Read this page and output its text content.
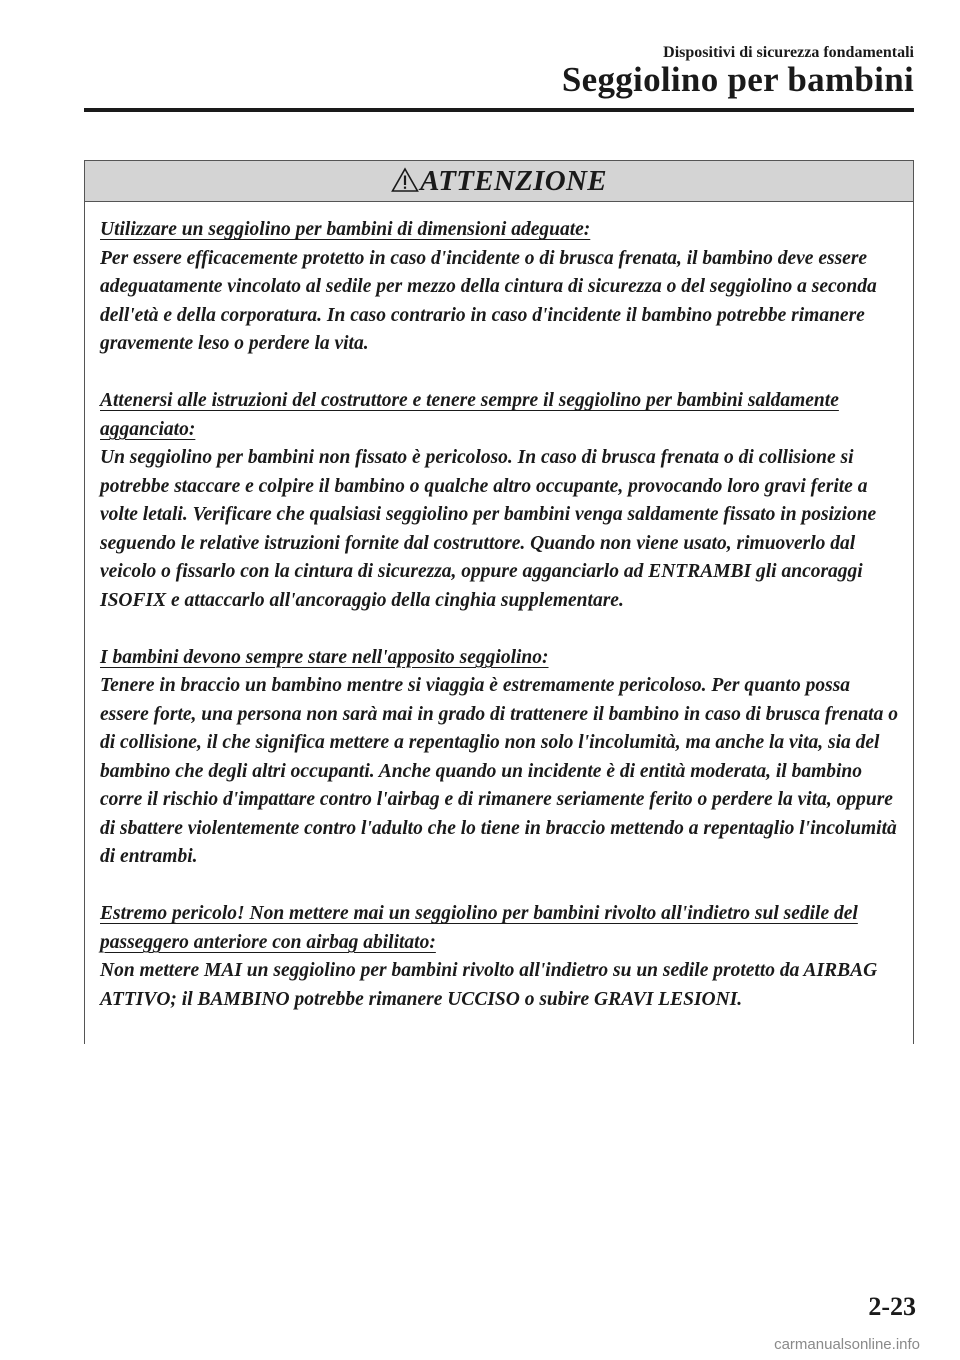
Dispositivi di sicurezza fondamentali
Seggiolino per bambini
ATTENZIONE

Utilizzare un seggiolino per bambini di dimensioni adeguate:
Per essere efficacemente protetto in caso d'incidente o di brusca frenata, il bambino deve essere adeguatamente vincolato al sedile per mezzo della cintura di sicurezza o del seggiolino a seconda dell'età e della corporatura. In caso contrario in caso d'incidente il bambino potrebbe rimanere gravemente leso o perdere la vita.

Attenersi alle istruzioni del costruttore e tenere sempre il seggiolino per bambini saldamente agganciato:
Un seggiolino per bambini non fissato è pericoloso. In caso di brusca frenata o di collisione si potrebbe staccare e colpire il bambino o qualche altro occupante, provocando loro gravi ferite a volte letali. Verificare che qualsiasi seggiolino per bambini venga saldamente fissato in posizione seguendo le relative istruzioni fornite dal costruttore. Quando non viene usato, rimuoverlo dal veicolo o fissarlo con la cintura di sicurezza, oppure agganciarlo ad ENTRAMBI gli ancoraggi ISOFIX e attaccarlo all'ancoraggio della cinghia supplementare.

I bambini devono sempre stare nell'apposito seggiolino:
Tenere in braccio un bambino mentre si viaggia è estremamente pericoloso. Per quanto possa essere forte, una persona non sarà mai in grado di trattenere il bambino in caso di brusca frenata o di collisione, il che significa mettere a repentaglio non solo l'incolumità, ma anche la vita, sia del bambino che degli altri occupanti. Anche quando un incidente è di entità moderata, il bambino corre il rischio d'impattare contro l'airbag e di rimanere seriamente ferito o perdere la vita, oppure di sbattere violentemente contro l'adulto che lo tiene in braccio mettendo a repentaglio l'incolumità di entrambi.

Estremo pericolo! Non mettere mai un seggiolino per bambini rivolto all'indietro sul sedile del passeggero anteriore con airbag abilitato:
Non mettere MAI un seggiolino per bambini rivolto all'indietro su un sedile protetto da AIRBAG ATTIVO; il BAMBINO potrebbe rimanere UCCISO o subire GRAVI LESIONI.

2-23
carmanualsonline.info
